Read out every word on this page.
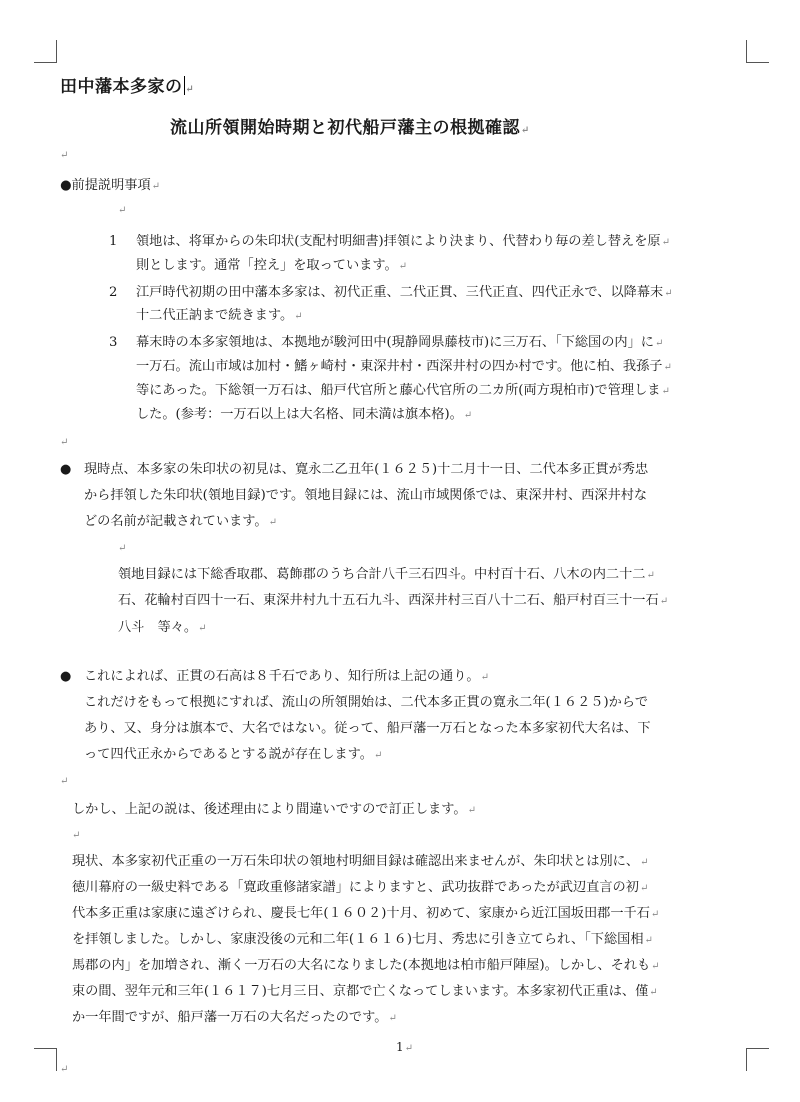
田中藩本多家の ↵
流山所領開始時期と初代船戸藩主の根拠確認 ↵
↵
●前提説明事項 ↵
↵
1 領地は、将軍からの朱印状(支配村明細書)拝領により決まり、代替わり毎の差し替えを原 ↵
則とします。通常「控え」を取っています。 ↵
2 江戸時代初期の田中藩本多家は、初代正重、二代正貫、三代正直、四代正永で、以降幕末 ↵
十二代正訥まで続きます。 ↵
3 幕末時の本多家領地は、本拠地が駿河田中(現静岡県藤枝市)に三万石、「下総国の内」に ↵
一万石。流山市域は加村・鰭ヶ崎村・東深井村・西深井村の四か村です。他に柏、我孫子 ↵
等にあった。下総領一万石は、船戸代官所と藤心代官所の二カ所(両方現柏市)で管理しま ↵
した。(参考：一万石以上は大名格、同未満は旗本格)。 ↵
↵
● 現時点、本多家の朱印状の初見は、寛永二乙丑年(１６２５)十二月十一日、二代本多正貫が秀忠
から拝領した朱印状(領地目録)です。領地目録には、流山市域関係では、東深井村、西深井村な
どの名前が記載されています。 ↵
↵
領地目録には下総香取郡、葛飾郡のうち合計八千三石四斗。中村百十石、八木の内二十二 ↵
石、花輪村百四十一石、東深井村九十五石九斗、西深井村三百八十二石、船戸村百三十一石 ↵
八斗　等々。 ↵
● これによれば、正貫の石高は８千石であり、知行所は上記の通り。 ↵
これだけをもって根拠にすれば、流山の所領開始は、二代本多正貫の寛永二年(１６２５)からで
あり、又、身分は旗本で、大名ではない。従って、船戸藩一万石となった本多家初代大名は、下
って四代正永からであるとする説が存在します。 ↵
↵
しかし、上記の説は、後述理由により間違いですので訂正します。 ↵
↵
現状、本多家初代正重の一万石朱印状の領地村明細目録は確認出来ませんが、朱印状とは別に、 ↵
徳川幕府の一級史料である「寛政重修諸家譜」によりますと、武功抜群であったが武辺直言の初 ↵
代本多正重は家康に遠ざけられ、慶長七年(１６０２)十月、初めて、家康から近江国坂田郡一千石 ↵
を拝領しました。しかし、家康没後の元和二年(１６１６)七月、秀忠に引き立てられ、「下総国相 ↵
馬郡の内」を加増され、漸く一万石の大名になりました(本拠地は柏市船戸陣屋)。しかし、それも ↵
束の間、翌年元和三年(１６１７)七月三日、京都で亡くなってしまいます。本多家初代正重は、僅 ↵
か一年間ですが、船戸藩一万石の大名だったのです。 ↵
1 ↵
↵
